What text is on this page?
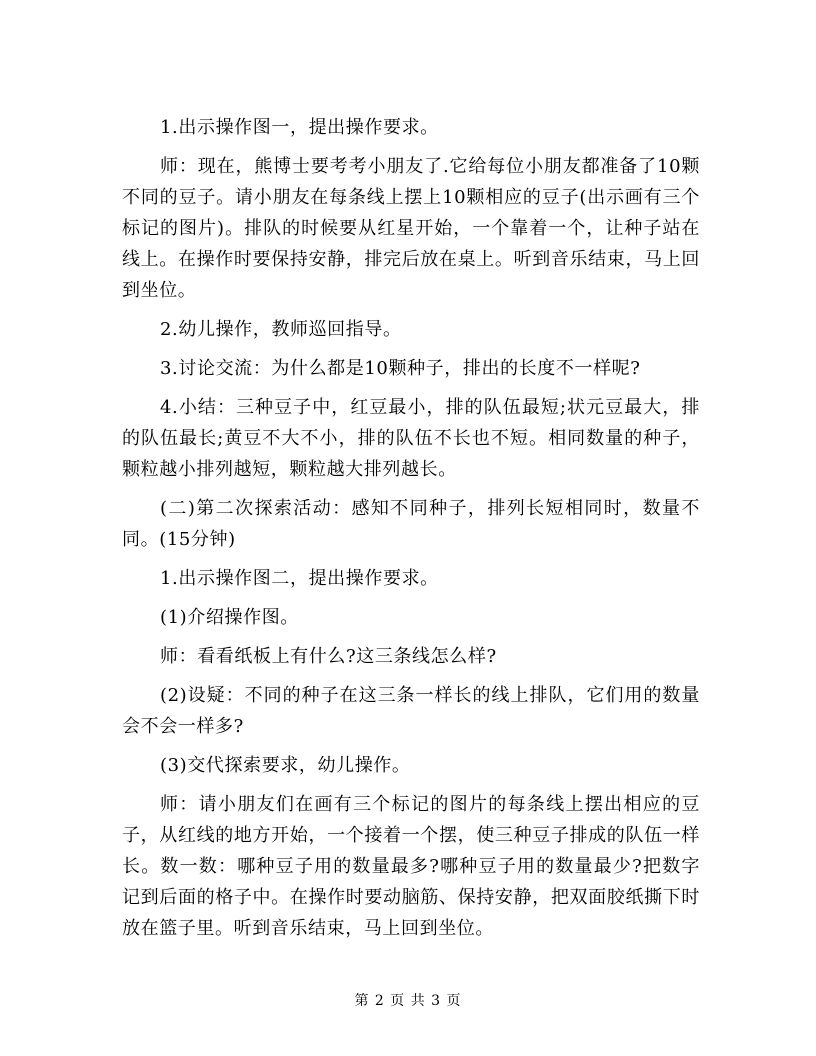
1.出示操作图一，提出操作要求。

师：现在，熊博士要考考小朋友了.它给每位小朋友都准备了10颗不同的豆子。请小朋友在每条线上摆上10颗相应的豆子(出示画有三个标记的图片)。排队的时候要从红星开始，一个靠着一个，让种子站在线上。在操作时要保持安静，排完后放在桌上。听到音乐结束，马上回到坐位。

2.幼儿操作，教师巡回指导。

3.讨论交流：为什么都是10颗种子，排出的长度不一样呢?

4.小结：三种豆子中，红豆最小，排的队伍最短;状元豆最大，排的队伍最长;黄豆不大不小，排的队伍不长也不短。相同数量的种子，颗粒越小排列越短，颗粒越大排列越长。

(二)第二次探索活动：感知不同种子，排列长短相同时，数量不同。(15分钟)

1.出示操作图二，提出操作要求。

(1)介绍操作图。

师：看看纸板上有什么?这三条线怎么样?

(2)设疑：不同的种子在这三条一样长的线上排队，它们用的数量会不会一样多?

(3)交代探索要求，幼儿操作。

师：请小朋友们在画有三个标记的图片的每条线上摆出相应的豆子，从红线的地方开始，一个接着一个摆，使三种豆子排成的队伍一样长。数一数：哪种豆子用的数量最多?哪种豆子用的数量最少?把数字记到后面的格子中。在操作时要动脑筋、保持安静，把双面胶纸撕下时放在篮子里。听到音乐结束，马上回到坐位。

第 2 页 共 3 页
